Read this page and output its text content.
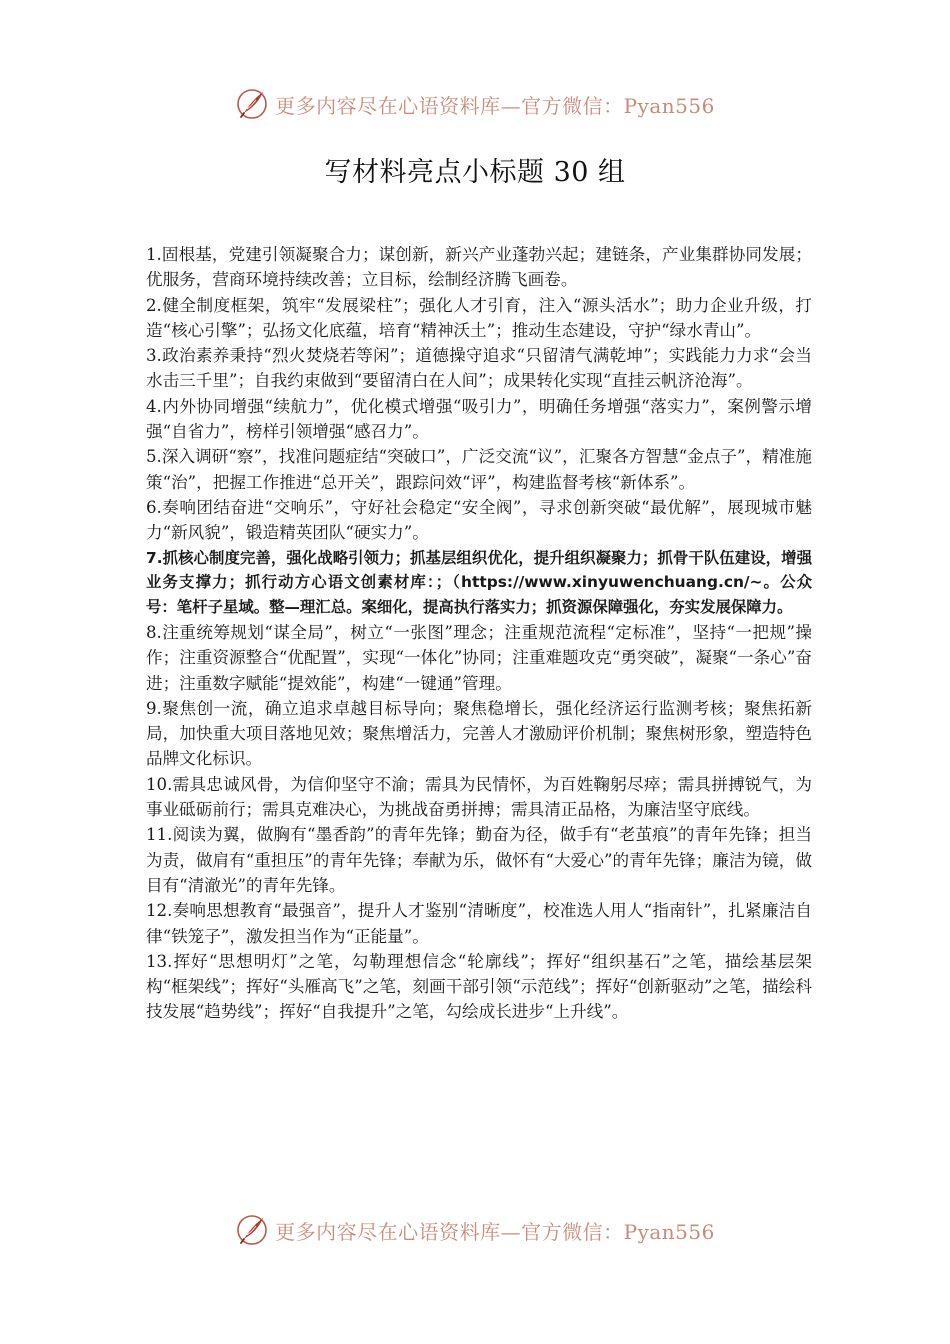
更多内容尽在心语资料库—官方微信：Pyan556
写材料亮点小标题 30 组

1.固根基，党建引领凝聚合力；谋创新，新兴产业蓬勃兴起；建链条，产业集群协同发展；优服务，营商环境持续改善；立目标，绘制经济腾飞画卷。

2.健全制度框架，筑牢“发展梁柱”；强化人才引育，注入“源头活水”；助力企业升级，打造“核心引擎”；弘扬文化底蕴，培育“精神沃土”；推动生态建设，守护“绿水青山”。

3.政治素养秉持“烈火焚烧若等闲”；道德操守追求“只留清气满乾坤”；实践能力力求“会当水击三千里”；自我约束做到“要留清白在人间”；成果转化实现“直挂云帆济沧海”。

4.内外协同增强“续航力”，优化模式增强“吸引力”，明确任务增强“落实力”，案例警示增强“自省力”，榜样引领增强“感召力”。

5.深入调研“察”，找准问题症结“突破口”，广泛交流“议”，汇聚各方智慧“金点子”，精准施策“治”，把握工作推进“总开关”，跟踪问效“评”，构建监督考核“新体系”。

6.奏响团结奋进“交响乐”，守好社会稳定“安全阀”，寻求创新突破“最优解”，展现城市魅力“新风貌”，锻造精英团队“硬实力”。

7.抓核心制度完善，强化战略引领力；抓基层组织优化，提升组织凝聚力；抓骨干队伍建设，增强业务支撑力；抓行动方心语文创素材库：；（https://www.xinyuwenchuang.cn/~。公众号：笔杆子星域。整—理汇总。案细化，提高执行落实力；抓资源保障强化，夯实发展保障力。

8.注重统筹规划“谋全局”，树立“一张图”理念；注重规范流程“定标准”，坚持“一把规”操作；注重资源整合“优配置”，实现“一体化”协同；注重难题攻克“勇突破”，凝聚“一条心”奋进；注重数字赋能“提效能”，构建“一键通”管理。

9.聚焦创一流，确立追求卓越目标导向；聚焦稳增长，强化经济运行监测考核；聚焦拓新局，加快重大项目落地见效；聚焦增活力，完善人才激励评价机制；聚焦树形象，塑造特色品牌文化标识。

10.需具忠诚风骨，为信仰坚守不渝；需具为民情怀，为百姓鞠躬尽瘁；需具拼搏锐气，为事业砥砺前行；需具克难决心，为挑战奋勇拼搏；需具清正品格，为廉洁坚守底线。

11.阅读为翼，做胸有“墨香韵”的青年先锋；勤奋为径，做手有“老茧痕”的青年先锋；担当为责，做肩有“重担压”的青年先锋；奉献为乐，做怀有“大爱心”的青年先锋；廉洁为镜，做目有“清澈光”的青年先锋。

12.奏响思想教育“最强音”，提升人才鉴别“清晰度”，校准选人用人“指南针”，扎紧廉洁自律“铁笼子”，激发担当作为“正能量”。

13.挥好“思想明灯”之笔，勾勒理想信念“轮廓线”；挥好“组织基石”之笔，描绘基层架构“框架线”；挥好“头雁高飞”之笔，刻画干部引领“示范线”；挥好“创新驱动”之笔，描绘科技发展“趋势线”；挥好“自我提升”之笔，勾绘成长进步“上升线”。

更多内容尽在心语资料库—官方微信：Pyan556
